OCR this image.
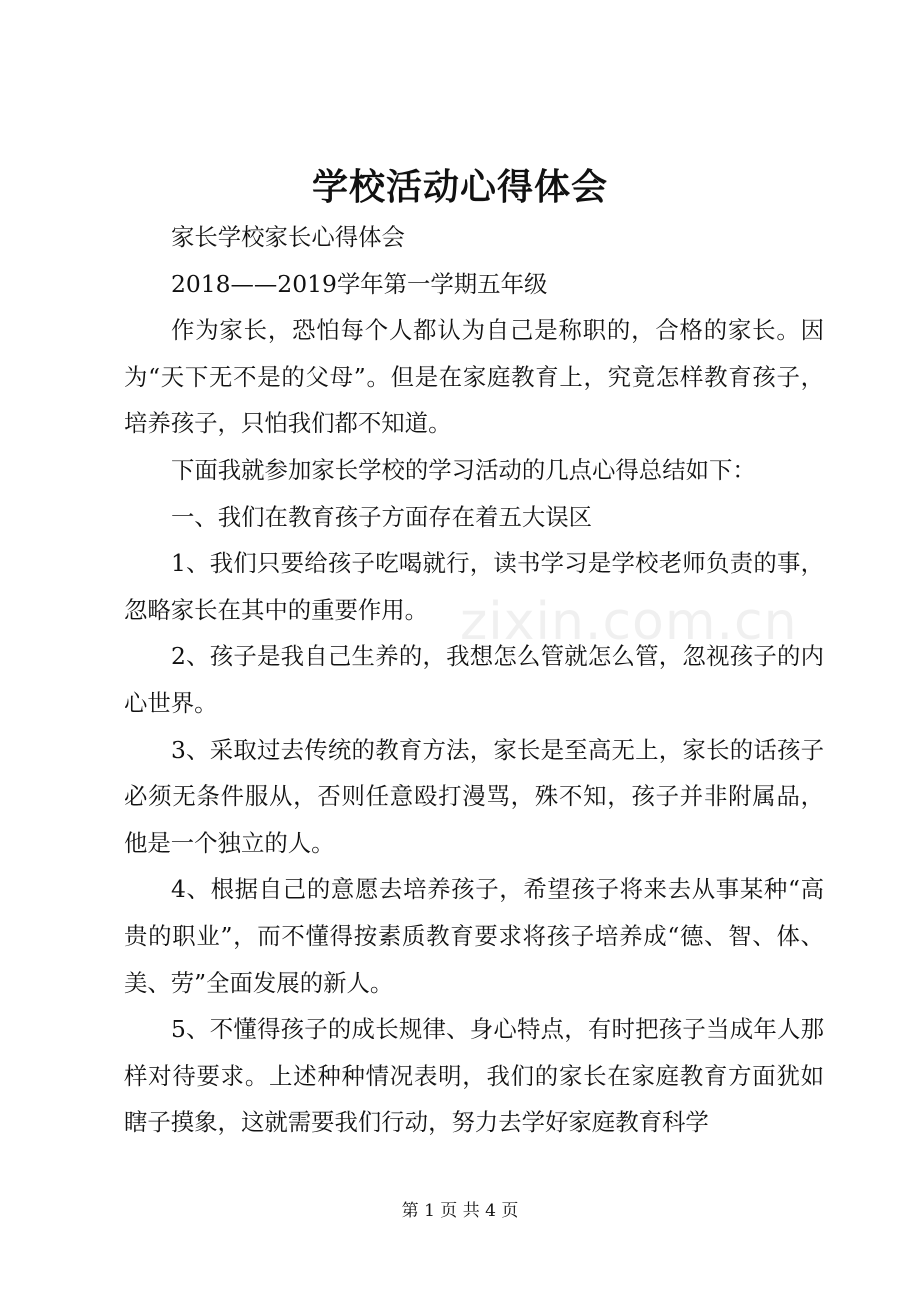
学校活动心得体会

家长学校家长心得体会

2018——2019学年第一学期五年级

作为家长，恐怕每个人都认为自己是称职的，合格的家长。因为“天下无不是的父母”。但是在家庭教育上，究竟怎样教育孩子，培养孩子，只怕我们都不知道。

下面我就参加家长学校的学习活动的几点心得总结如下：

一、我们在教育孩子方面存在着五大误区

1、我们只要给孩子吃喝就行，读书学习是学校老师负责的事，忽略家长在其中的重要作用。

2、孩子是我自己生养的，我想怎么管就怎么管，忽视孩子的内心世界。

3、采取过去传统的教育方法，家长是至高无上，家长的话孩子必须无条件服从，否则任意殴打漫骂，殊不知，孩子并非附属品，他是一个独立的人。

4、根据自己的意愿去培养孩子，希望孩子将来去从事某种“高贵的职业”，而不懂得按素质教育要求将孩子培养成“德、智、体、美、劳”全面发展的新人。

5、不懂得孩子的成长规律、身心特点，有时把孩子当成年人那样对待要求。上述种种情况表明，我们的家长在家庭教育方面犹如瞎子摸象，这就需要我们行动，努力去学好家庭教育科学

zixin.com.cn
第 1 页 共 4 页
